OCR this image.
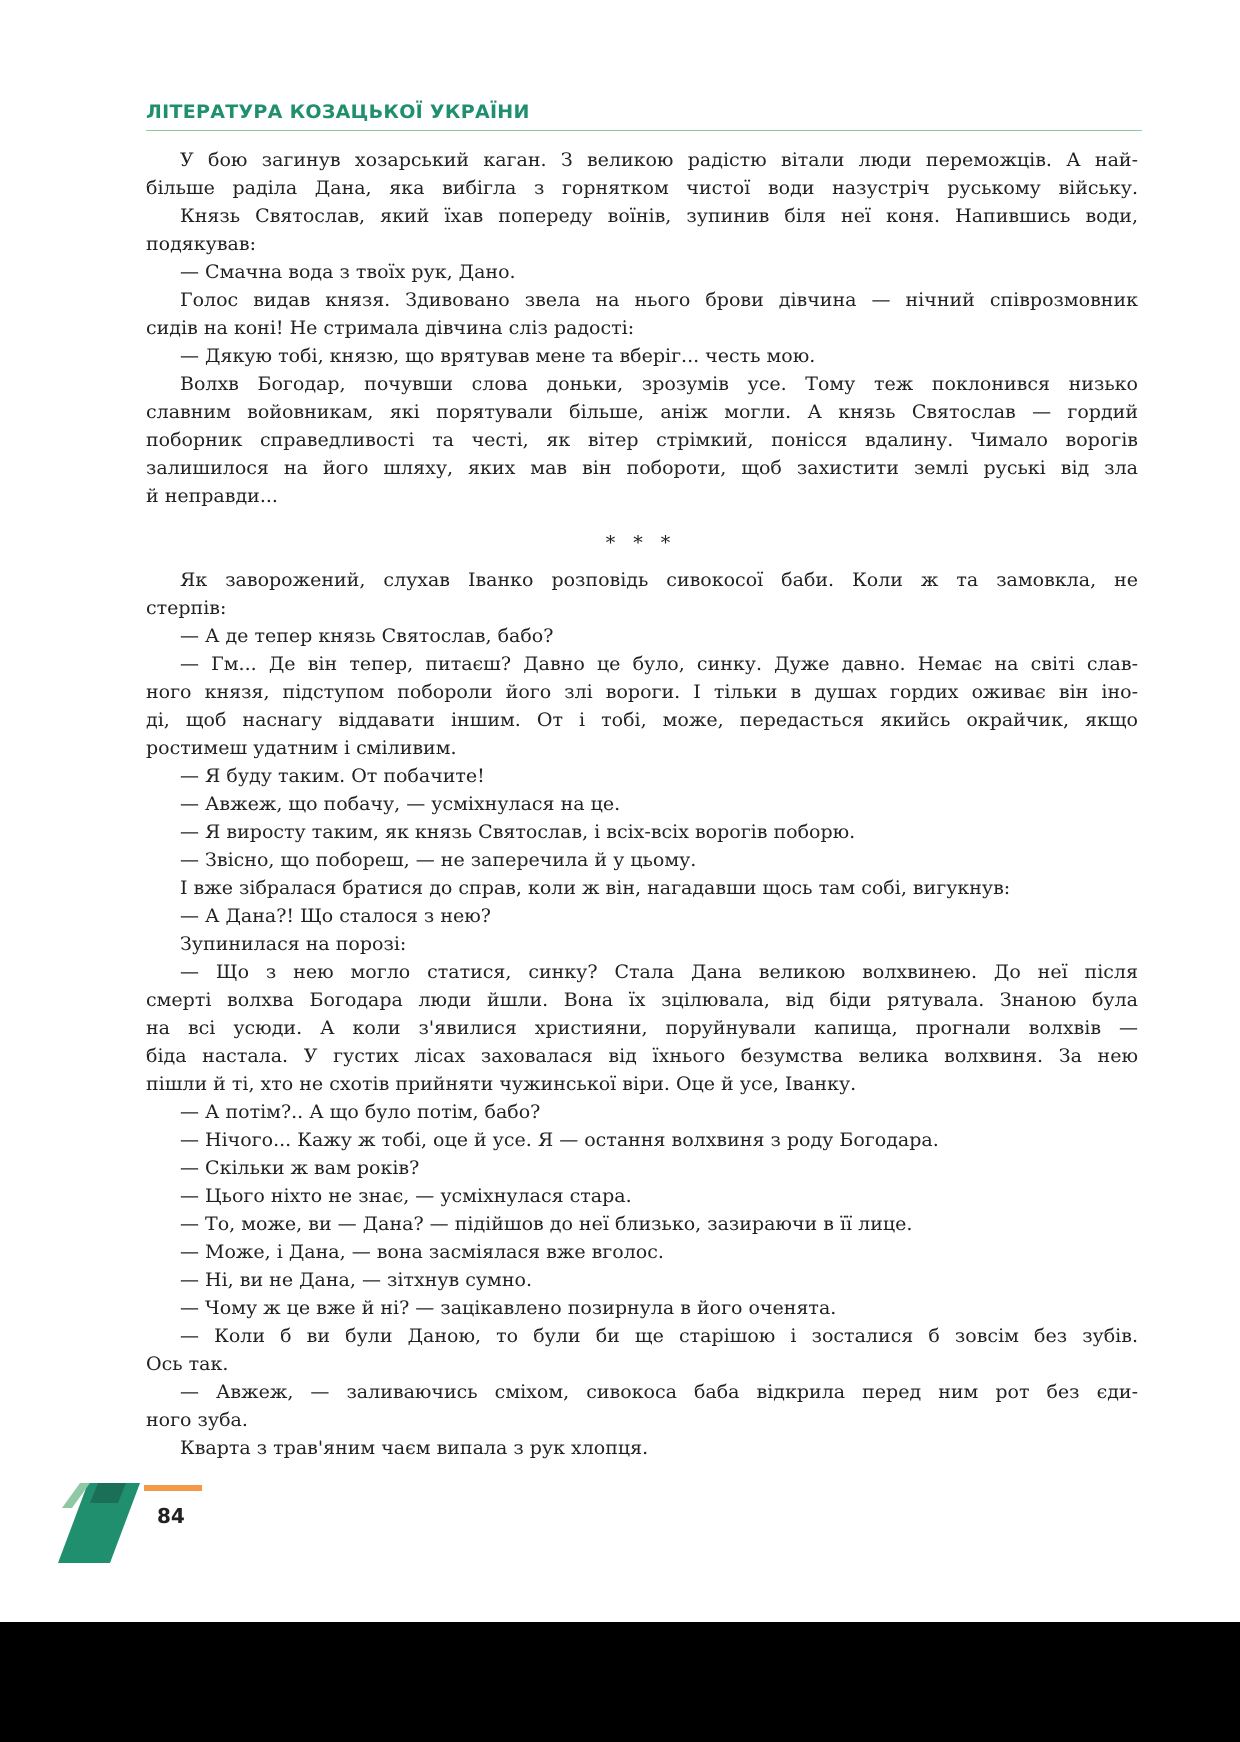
ЛІТЕРАТУРА КОЗАЦЬКОЇ УКРАЇНИ
У бою загинув хозарський каган. З великою радістю вітали люди переможців. А най-
більше раділа Дана, яка вибігла з горнятком чистої води назустріч руському війську.
Князь Святослав, який їхав попереду воїнів, зупинив біля неї коня. Напившись води,
подякував:
— Смачна вода з твоїх рук, Дано.
Голос видав князя. Здивовано звела на нього брови дівчина — нічний співрозмовник
сидів на коні! Не стримала дівчина сліз радості:
— Дякую тобі, князю, що врятував мене та вберіг... честь мою.
Волхв Богодар, почувши слова доньки, зрозумів усе. Тому теж поклонився низько
славним войовникам, які порятували більше, аніж могли. А князь Святослав — гордий
поборник справедливості та честі, як вітер стрімкий, понісся вдалину. Чимало ворогів
залишилося на його шляху, яких мав він побороти, щоб захистити землі руські від зла
й неправди...
* * *
Як заворожений, слухав Іванко розповідь сивокосої баби. Коли ж та замовкла, не
стерпів:
— А де тепер князь Святослав, бабо?
— Гм... Де він тепер, питаєш? Давно це було, синку. Дуже давно. Немає на світі слав-
ного князя, підступом побороли його злі вороги. І тільки в душах гордих оживає він іно-
ді, щоб наснагу віддавати іншим. От і тобі, може, передасться якийсь окрайчик, якщо
ростимеш удатним і сміливим.
— Я буду таким. От побачите!
— Авжеж, що побачу, — усміхнулася на це.
— Я виросту таким, як князь Святослав, і всіх-всіх ворогів поборю.
— Звісно, що побореш, — не заперечила й у цьому.
І вже зібралася братися до справ, коли ж він, нагадавши щось там собі, вигукнув:
— А Дана?! Що сталося з нею?
Зупинилася на порозі:
— Що з нею могло статися, синку? Стала Дана великою волхвинею. До неї після
смерті волхва Богодара люди йшли. Вона їх зцілювала, від біди рятувала. Знаною була
на всі усюди. А коли з'явилися християни, поруйнували капища, прогнали волхвів —
біда настала. У густих лісах заховалася від їхнього безумства велика волхвиня. За нею
пішли й ті, хто не схотів прийняти чужинської віри. Оце й усе, Іванку.
— А потім?.. А що було потім, бабо?
— Нічого... Кажу ж тобі, оце й усе. Я — остання волхвиня з роду Богодара.
— Скільки ж вам років?
— Цього ніхто не знає, — усміхнулася стара.
— То, може, ви — Дана? — підійшов до неї близько, зазираючи в її лице.
— Може, і Дана, — вона засміялася вже вголос.
— Ні, ви не Дана, — зітхнув сумно.
— Чому ж це вже й ні? — зацікавлено позирнула в його оченята.
— Коли б ви були Даною, то були би ще старішою і зосталися б зовсім без зубів.
Ось так.
— Авжеж, — заливаючись сміхом, сивокоса баба відкрила перед ним рот без єди-
ного зуба.
Кварта з трав'яним чаєм випала з рук хлопця.
84
